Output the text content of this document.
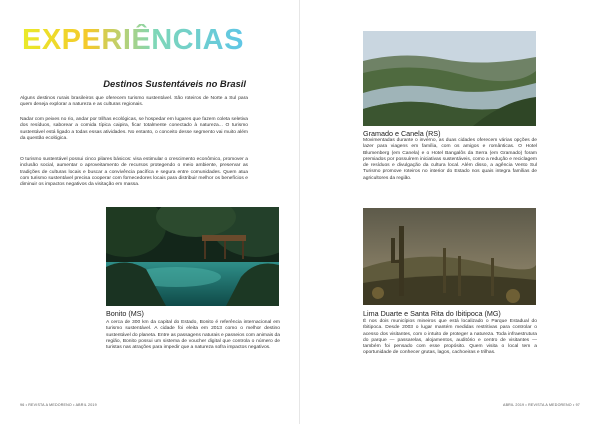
EXPERIÊNCIAS
Destinos Sustentáveis no Brasil
Alguns destinos rurais brasileiros que oferecem turismo sustentável. São roteiros de Norte a Sul para quem deseja explorar a natureza e as culturas regionais.
Nadar com peixes no rio, andar por trilhas ecológicas, se hospedar em lugares que fazem coleta seletiva dos resíduos, saborear a comida típica caipira, ficar totalmente conectado à natureza... O turismo sustentável está ligado a todas essas atividades. No entanto, o conceito desse segmento vai muito além da questão ecológica.
O turismo sustentável possui cinco pilares básicos: visa estimular o crescimento econômico, promover a inclusão social, aumentar o aproveitamento de recursos protegendo o meio ambiente, preservar as tradições de culturas locais e buscar a convivência pacífica e segura entre comunidades. Quem atua com turismo sustentável precisa cooperar com fornecedores locais para distribuir melhor os benefícios e diminuir os impactos negativos da visitação em massa.
Bonito (MS)
A cerca de 300 km da capital do Estado, Bonito é referência internacional em turismo sustentável. A cidade foi eleita em 2013 como o melhor destino sustentável do planeta. Entre as passagens naturais e passeios com animais da região, Bonito possui um sistema de voucher digital que controla o número de turistas nas atrações para impedir que a natureza sofra impactos negativos.
96 • REVISTA A MEDORENO • ABRIL 2019
Gramado e Canela (RS)
Movimentadas durante o inverno, as duas cidades oferecem várias opções de lazer para viagens em família, com os amigos e românticas. O Hotel Blumenberg (em Canela) e o Hotel Bangalôs da Serra (em Gramado) foram premiados por possuírem iniciativas sustentáveis, como a redução e reciclagem de resíduos e divulgação da cultura local. Além disso, a agência Vento Sul Turismo promove roteiros no interior do Estado nos quais integra famílias de agricultores da região.
Lima Duarte e Santa Rita do Ibitipoca (MG)
É nos dois municípios mineiros que está localizado o Parque Estadual do Ibitipoca. Desde 2003 o lugar mantém medidas restritivas para controlar o acesso dos visitantes, com o intuito de proteger a natureza. Toda infraestrutura do parque — passarelas, alojamentos, auditório e centro de visitantes — também foi pensado com esse propósito. Quem visita o local tem a oportunidade de conhecer grutas, lagos, cachoeiras e trilhas.
ABRIL 2019 • REVISTA A MEDORENO • 97
